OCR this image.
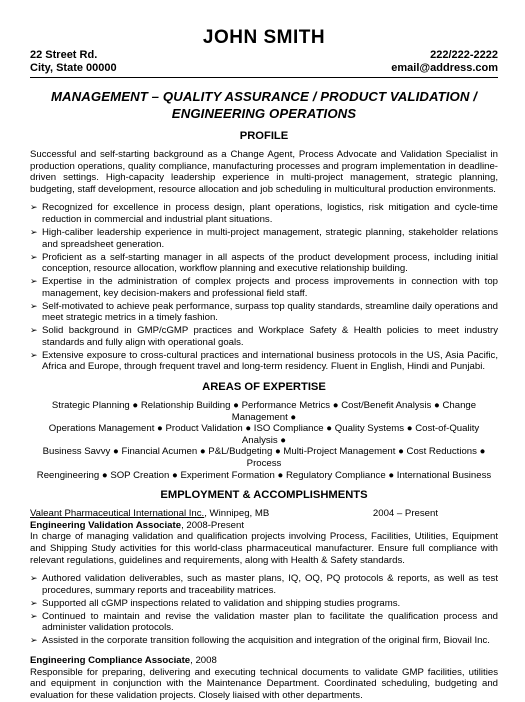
JOHN SMITH
22 Street Rd.
City, State 00000
222/222-2222
email@address.com
MANAGEMENT – QUALITY ASSURANCE / PRODUCT VALIDATION /
ENGINEERING OPERATIONS
PROFILE
Successful and self-starting background as a Change Agent, Process Advocate and Validation Specialist in production operations, quality compliance, manufacturing processes and program implementation in deadline-driven settings. High-capacity leadership experience in multi-project management, strategic planning, budgeting, staff development, resource allocation and job scheduling in multicultural production environments.
➢ Recognized for excellence in process design, plant operations, logistics, risk mitigation and cycle-time reduction in commercial and industrial plant situations.
➢ High-caliber leadership experience in multi-project management, strategic planning, stakeholder relations and spreadsheet generation.
➢ Proficient as a self-starting manager in all aspects of the product development process, including initial conception, resource allocation, workflow planning and executive relationship building.
➢ Expertise in the administration of complex projects and process improvements in connection with top management, key decision-makers and professional field staff.
➢ Self-motivated to achieve peak performance, surpass top quality standards, streamline daily operations and meet strategic metrics in a timely fashion.
➢ Solid background in GMP/cGMP practices and Workplace Safety & Health policies to meet industry standards and fully align with operational goals.
➢ Extensive exposure to cross-cultural practices and international business protocols in the US, Asia Pacific, Africa and Europe, through frequent travel and long-term residency. Fluent in English, Hindi and Punjabi.
AREAS OF EXPERTISE
Strategic Planning ● Relationship Building ● Performance Metrics ● Cost/Benefit Analysis ● Change Management ●
Operations Management ● Product Validation ● ISO Compliance ● Quality Systems ● Cost-of-Quality Analysis ●
Business Savvy ● Financial Acumen ● P&L/Budgeting ● Multi-Project Management ● Cost Reductions ● Process
Reengineering ● SOP Creation ● Experiment Formation ● Regulatory Compliance ● International Business
EMPLOYMENT & ACCOMPLISHMENTS
Valeant Pharmaceutical International Inc., Winnipeg, MB	2004 – Present
Engineering Validation Associate, 2008-Present
In charge of managing validation and qualification projects involving Process, Facilities, Utilities, Equipment and Shipping Study activities for this world-class pharmaceutical manufacturer. Ensure full compliance with relevant regulations, guidelines and requirements, along with Health & Safety standards.
➢ Authored validation deliverables, such as master plans, IQ, OQ, PQ protocols & reports, as well as test procedures, summary reports and traceability matrices.
➢ Supported all cGMP inspections related to validation and shipping studies programs.
➢ Continued to maintain and revise the validation master plan to facilitate the qualification process and administer validation protocols.
➢ Assisted in the corporate transition following the acquisition and integration of the original firm, Biovail Inc.
Engineering Compliance Associate, 2008
Responsible for preparing, delivering and executing technical documents to validate GMP facilities, utilities and equipment in conjunction with the Maintenance Department. Coordinated scheduling, budgeting and evaluation for these validation projects. Closely liaised with other departments.
